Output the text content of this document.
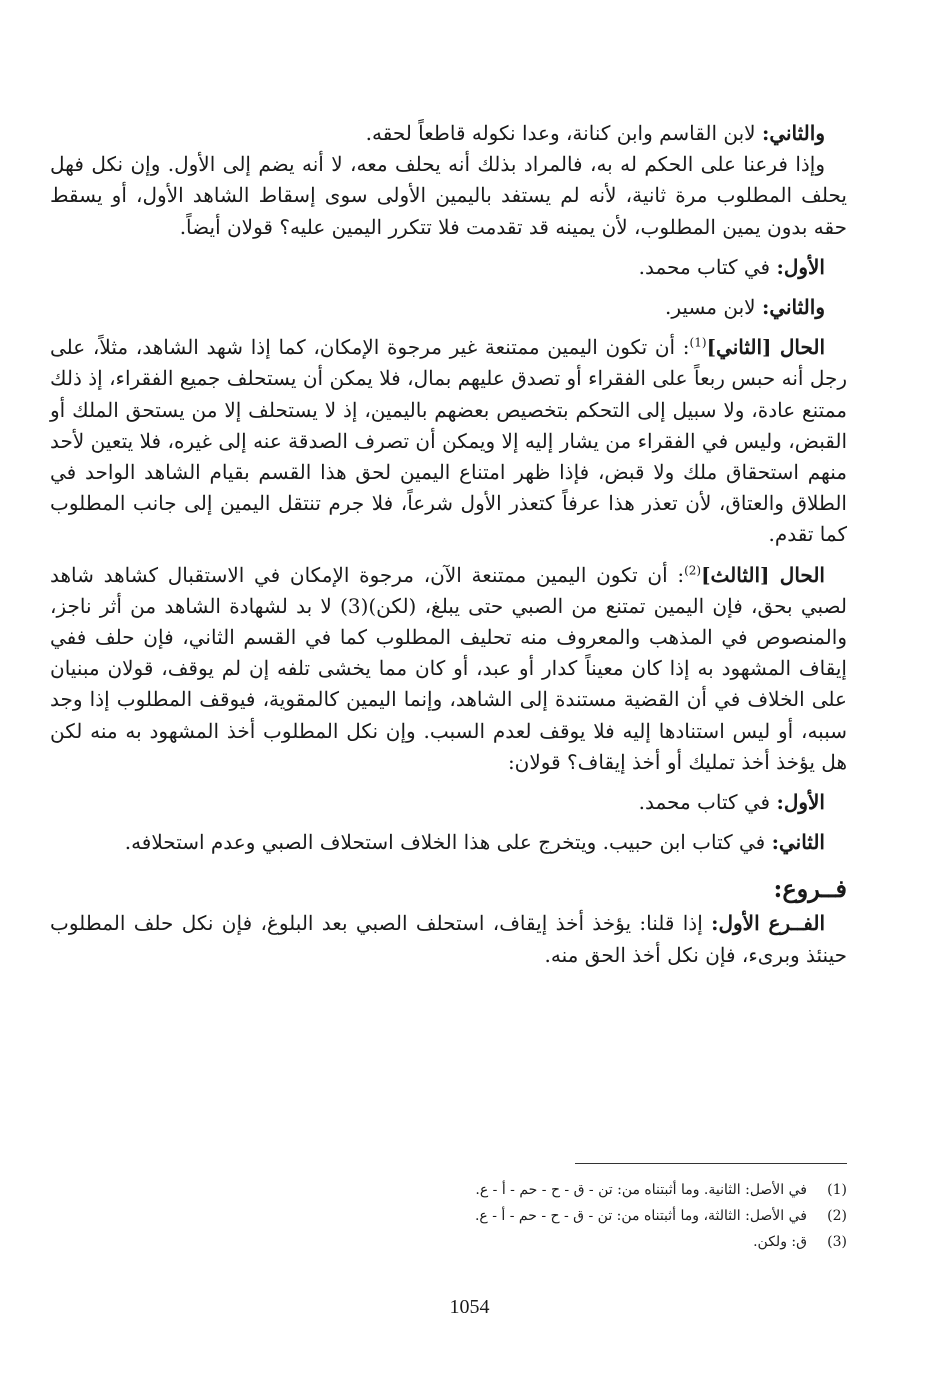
والثاني: لابن القاسم وابن كنانة، وعدا نكوله قاطعاً لحقه.

وإذا فرعنا على الحكم له به، فالمراد بذلك أنه يحلف معه، لا أنه يضم إلى الأول. وإن نكل فهل يحلف المطلوب مرة ثانية، لأنه لم يستفد باليمين الأولى سوى إسقاط الشاهد الأول، أو يسقط حقه بدون يمين المطلوب، لأن يمينه قد تقدمت فلا تتكرر اليمين عليه؟ قولان أيضاً.

الأول: في كتاب محمد.

والثاني: لابن مسير.

الحال [الثاني]$^{(1)}$: أن تكون اليمين ممتنعة غير مرجوة الإمكان، كما إذا شهد الشاهد، مثلاً، على رجل أنه حبس ربعاً على الفقراء أو تصدق عليهم بمال، فلا يمكن أن يستحلف جميع الفقراء، إذ ذلك ممتنع عادة، ولا سبيل إلى التحكم بتخصيص بعضهم باليمين، إذ لا يستحلف إلا من يستحق الملك أو القبض، وليس في الفقراء من يشار إليه إلا ويمكن أن تصرف الصدقة عنه إلى غيره، فلا يتعين لأحد منهم استحقاق ملك ولا قبض، فإذا ظهر امتناع اليمين لحق هذا القسم بقيام الشاهد الواحد في الطلاق والعتاق، لأن تعذر هذا عرفاً كتعذر الأول شرعاً، فلا جرم تنتقل اليمين إلى جانب المطلوب كما تقدم.

الحال [الثالث]$^{(2)}$: أن تكون اليمين ممتنعة الآن، مرجوة الإمكان في الاستقبال كشاهد شاهد لصبي بحق، فإن اليمين تمتنع من الصبي حتى يبلغ، (لكن)(3) لا بد لشهادة الشاهد من أثر ناجز، والمنصوص في المذهب والمعروف منه تحليف المطلوب كما في القسم الثاني، فإن حلف ففي إيقاف المشهود به إذا كان معيناً كدار أو عبد، أو كان مما يخشى تلفه إن لم يوقف، قولان مبنيان على الخلاف في أن القضية مستندة إلى الشاهد، وإنما اليمين كالمقوية، فيوقف المطلوب إذا وجد سببه، أو ليس استنادها إليه فلا يوقف لعدم السبب. وإن نكل المطلوب أخذ المشهود به منه لكن هل يؤخذ أخذ تمليك أو أخذ إيقاف؟ قولان:

الأول: في كتاب محمد.

الثاني: في كتاب ابن حبيب. ويتخرج على هذا الخلاف استحلاف الصبي وعدم استحلافه.

فــروع:

الفــرع الأول: إذا قلنا: يؤخذ أخذ إيقاف، استحلف الصبي بعد البلوغ، فإن نكل حلف المطلوب حينئذ وبرىء، فإن نكل أخذ الحق منه.

(1)
في الأصل: الثانية. وما أثبتناه من: تن - ق - ح - حم - أ - ع.
(2)
في الأصل: الثالثة، وما أثبتناه من: تن - ق - ح - حم - أ - ع.
(3)
ق: ولكن.
1054
